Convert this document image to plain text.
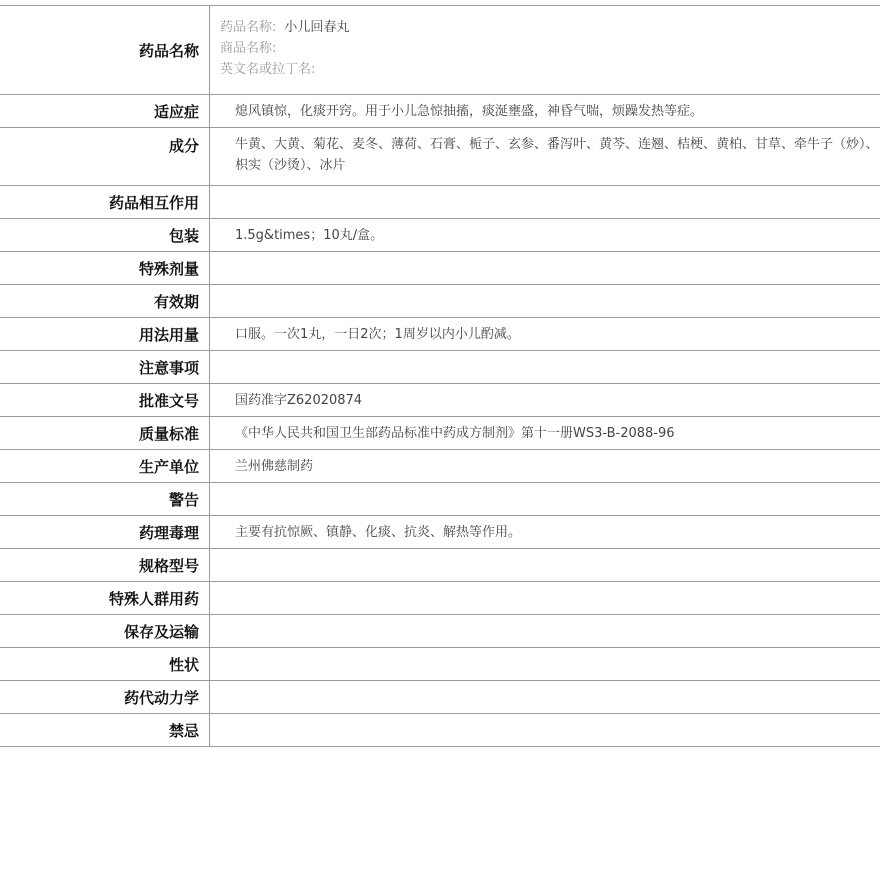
药品名称	药品名称: 小儿回春丸
商品名称:
英文名或拉丁名:

适应症	熄风镇惊，化痰开窍。用于小儿急惊抽搐，痰涎壅盛，神昏气喘，烦躁发热等症。
成分	牛黄、大黄、菊花、麦冬、薄荷、石膏、栀子、玄参、番泻叶、黄芩、连翘、桔梗、黄柏、甘草、牵牛子（炒）、枳实（沙烫）、冰片
药品相互作用	
包装	1.5g&times；10丸/盒。
特殊剂量	
有效期	
用法用量	口服。一次1丸，一日2次；1周岁以内小儿酌减。
注意事项	
批准文号	国药准字Z62020874
质量标准	《中华人民共和国卫生部药品标准中药成方制剂》第十一册WS3-B-2088-96
生产单位	兰州佛慈制药
警告	
药理毒理	主要有抗惊厥、镇静、化痰、抗炎、解热等作用。
规格型号	
特殊人群用药	
保存及运输	
性状	
药代动力学	
禁忌	
